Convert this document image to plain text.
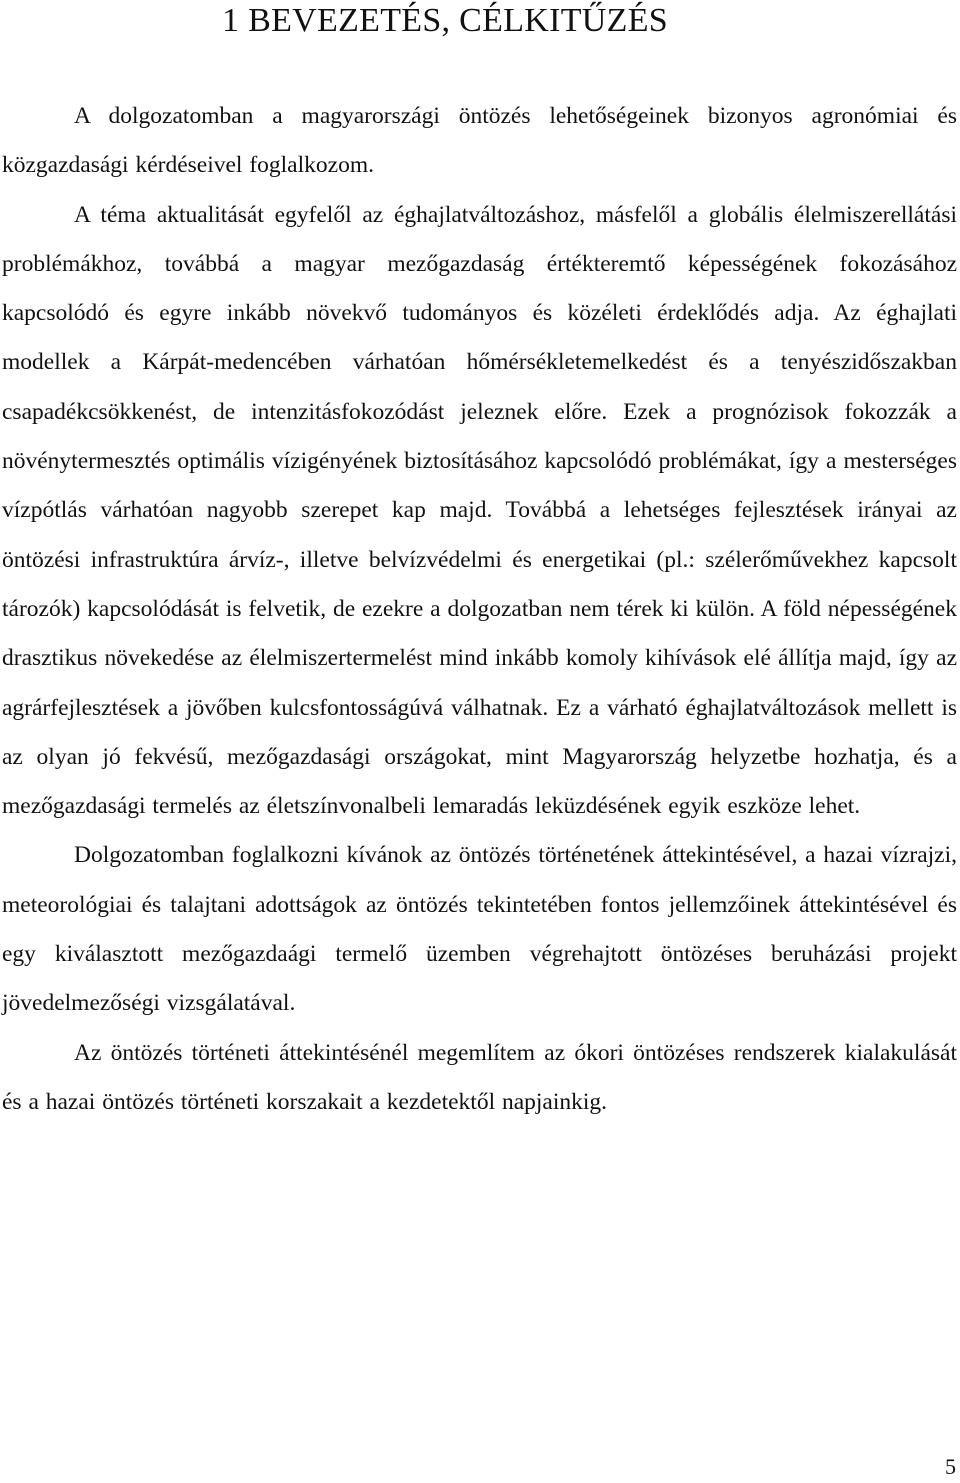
1 BEVEZETÉS, CÉLKITŰZÉS

A dolgozatomban a magyarországi öntözés lehetőségeinek bizonyos agronómiai és közgazdasági kérdéseivel foglalkozom.

A téma aktualitását egyfelől az éghajlatváltozáshoz, másfelől a globális élelmiszerellátási problémákhoz, továbbá a magyar mezőgazdaság értékteremtő képességének fokozásához kapcsolódó és egyre inkább növekvő tudományos és közéleti érdeklődés adja. Az éghajlati modellek a Kárpát-medencében várhatóan hőmérsékletemelkedést és a tenyészidőszakban csapadékcsökkenést, de intenzitásfokozódást jeleznek előre. Ezek a prognózisok fokozzák a növénytermesztés optimális vízigényének biztosításához kapcsolódó problémákat, így a mesterséges vízpótlás várhatóan nagyobb szerepet kap majd. Továbbá a lehetséges fejlesztések irányai az öntözési infrastruktúra árvíz-, illetve belvízvédelmi és energetikai (pl.: szélerőművekhez kapcsolt tározók) kapcsolódását is felvetik, de ezekre a dolgozatban nem térek ki külön. A föld népességének drasztikus növekedése az élelmiszertermelést mind inkább komoly kihívások elé állítja majd, így az agrárfejlesztések a jövőben kulcsfontosságúvá válhatnak. Ez a várható éghajlatváltozások mellett is az olyan jó fekvésű, mezőgazdasági országokat, mint Magyarország helyzetbe hozhatja, és a mezőgazdasági termelés az életszínvonalbeli lemaradás leküzdésének egyik eszköze lehet.

Dolgozatomban foglalkozni kívánok az öntözés történetének áttekintésével, a hazai vízrajzi, meteorológiai és talajtani adottságok az öntözés tekintetében fontos jellemzőinek áttekintésével és egy kiválasztott mezőgazdaági termelő üzemben végrehajtott öntözéses beruházási projekt jövedelmezőségi vizsgálatával.

Az öntözés történeti áttekintésénél megemlítem az ókori öntözéses rendszerek kialakulását és a hazai öntözés történeti korszakait a kezdetektől napjainkig.

5
